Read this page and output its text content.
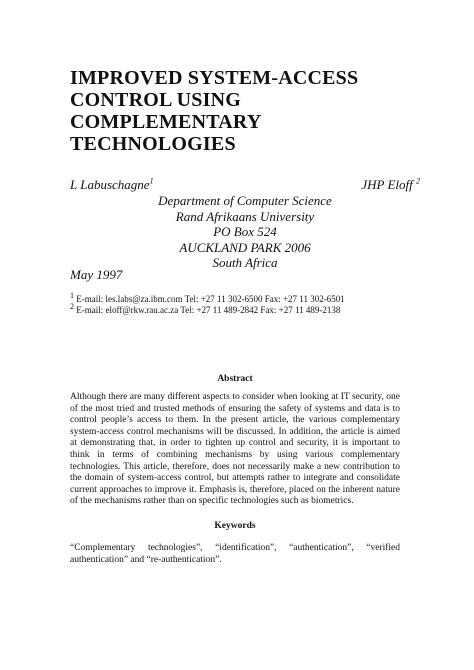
IMPROVED SYSTEM-ACCESS
CONTROL USING
COMPLEMENTARY
TECHNOLOGIES
L Labuschagne$^1$	JHP Eloff $^2$
Department of Computer Science
Rand Afrikaans University
PO Box 524
AUCKLAND PARK 2006
South Africa
May 1997
$^1$ E-mail: les.labs@za.ibm.com Tel: +27 11 302-6500 Fax: +27 11 302-6501
$^2$ E-mail: eloff@rkw.rau.ac.za Tel: +27 11 489-2842 Fax: +27 11 489-2138
Abstract
Although there are many different aspects to consider when looking at IT security, one of the most tried and trusted methods of ensuring the safety of systems and data is to control people’s access to them. In the present article, the various complementary system-access control mechanisms will be discussed. In addition, the article is aimed at demonstrating that, in order to tighten up control and security, it is important to think in terms of combining mechanisms by using various complementary technologies. This article, therefore, does not necessarily make a new contribution to the domain of system-access control, but attempts rather to integrate and consolidate current approaches to improve it. Emphasis is, therefore, placed on the inherent nature of the mechanisms rather than on specific technologies such as biometrics.
Keywords
“Complementary technologies”, “identification”, “authentication”, “verified authentication” and “re-authentication”.
